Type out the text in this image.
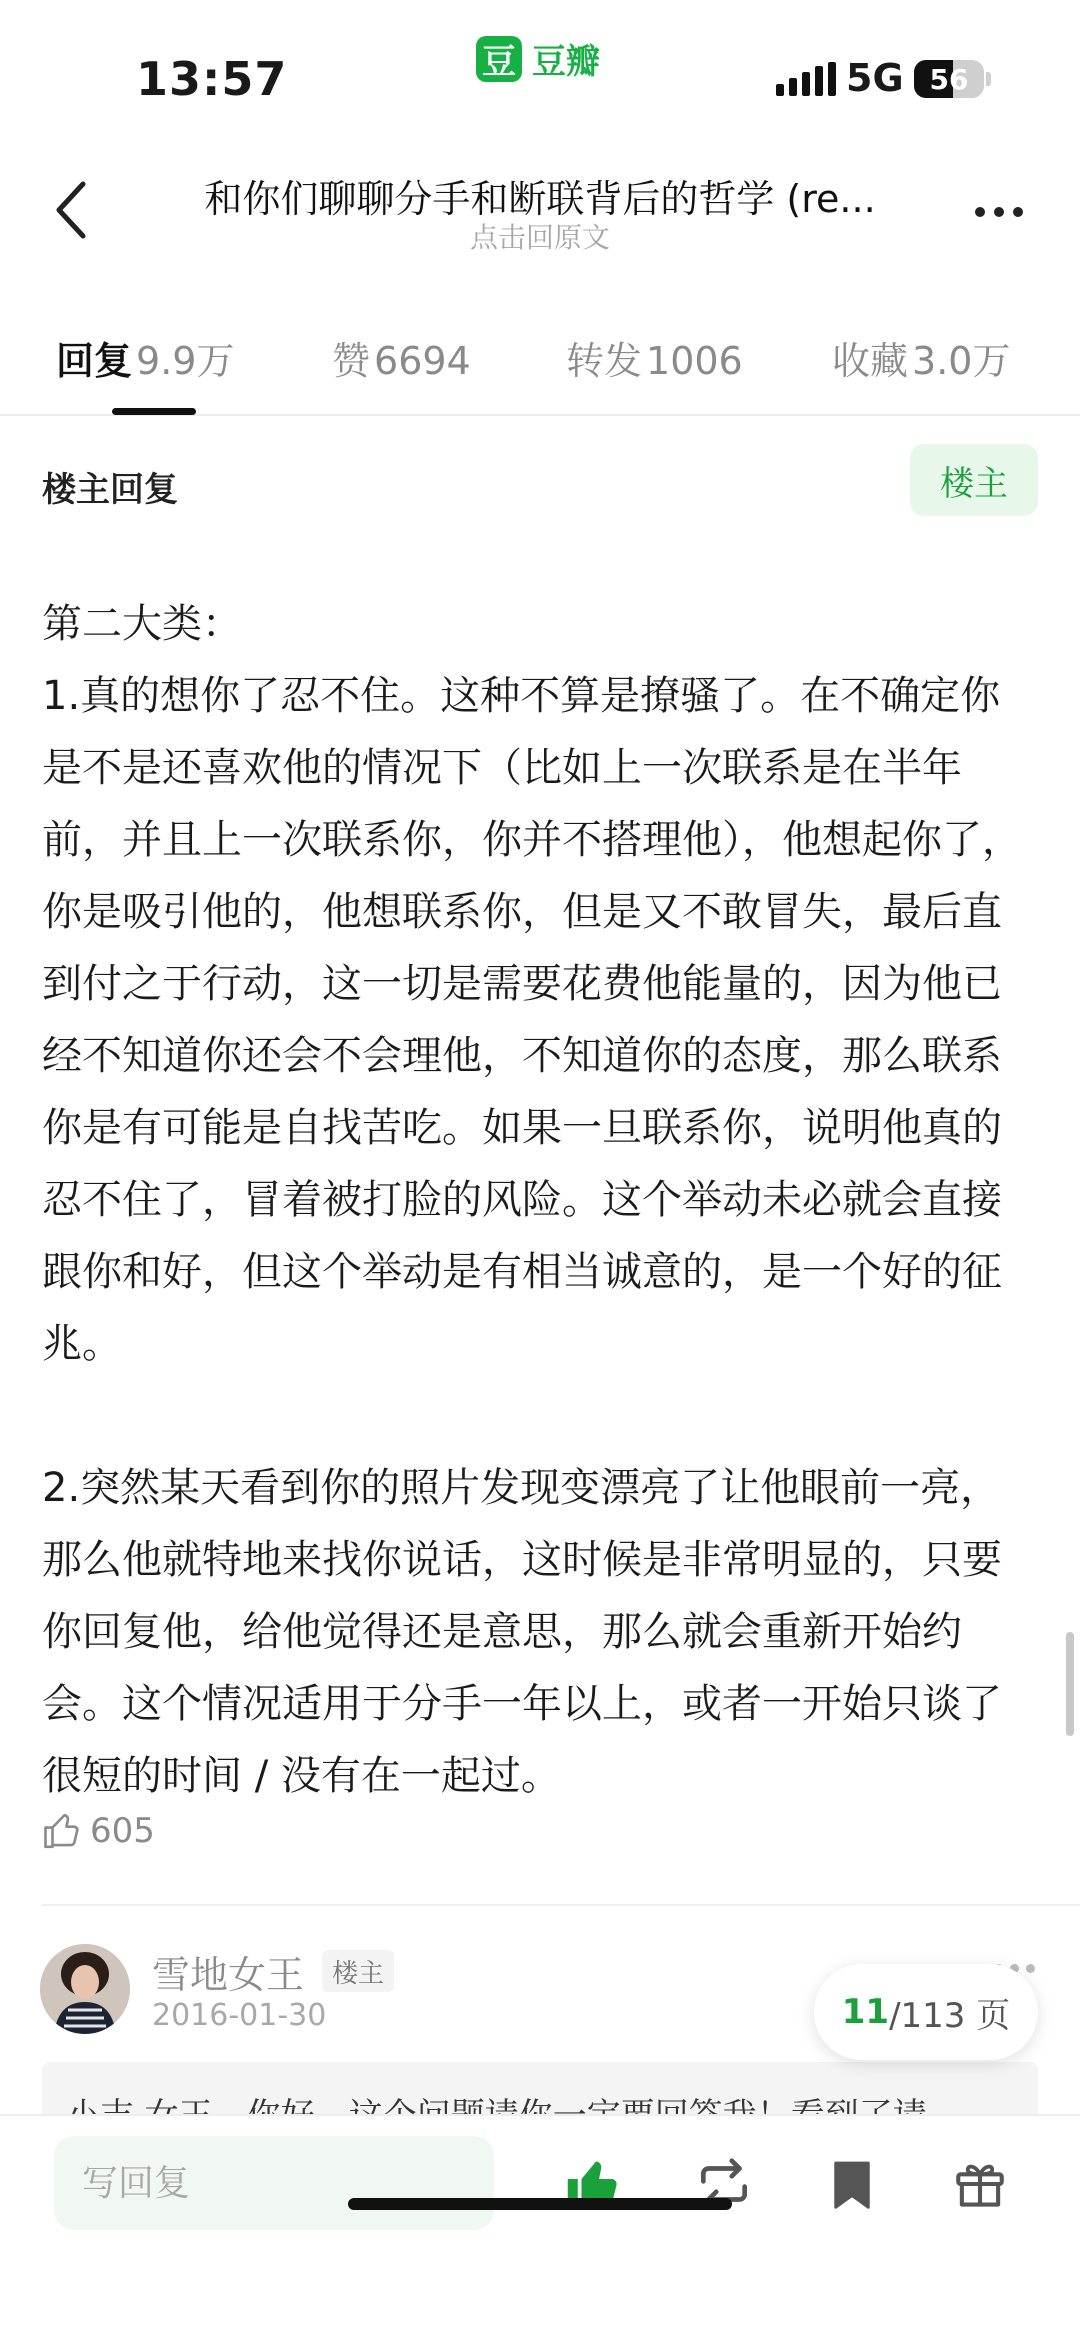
13:57	豆 豆瓣	5G 56
和你们聊聊分手和断联背后的哲学 (re...
点击回原文
回复 9.9万	赞 6694	转发 1006 收藏 3.0万
楼主回复	楼主

第二大类：

1.真的想你了忍不住。这种不算是撩骚了。在不确定你是不是还喜欢他的情况下（比如上一次联系是在半年前，并且上一次联系你，你并不搭理他），他想起你了，你是吸引他的，他想联系你，但是又不敢冒失，最后直到付之于行动，这一切是需要花费他能量的，因为他已经不知道你还会不会理他，不知道你的态度，那么联系你是有可能是自找苦吃。如果一旦联系你，说明他真的忍不住了，冒着被打脸的风险。这个举动未必就会直接跟你和好，但这个举动是有相当诚意的，是一个好的征兆。

2.突然某天看到你的照片发现变漂亮了让他眼前一亮，那么他就特地来找你说话，这时候是非常明显的，只要你回复他，给他觉得还是意思，那么就会重新开始约会。这个情况适用于分手一年以上，或者一开始只谈了很短的时间 / 没有在一起过。

605
雪地女王	楼主
2016-01-30	11 /113 页
写回复
